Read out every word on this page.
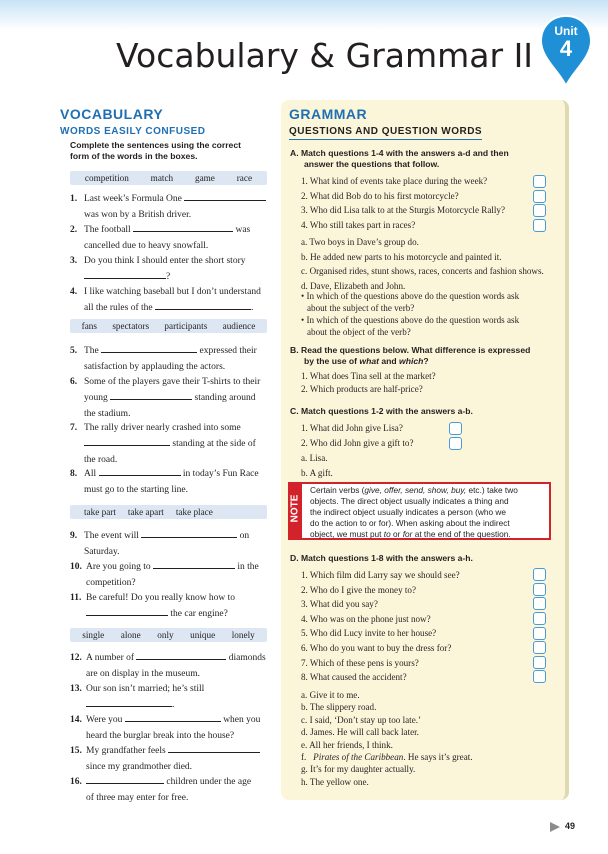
Vocabulary & Grammar II
Unit
4
VOCABULARY
WORDS EASILY CONFUSED
Complete the sentences using the correct
form of the words in the boxes.
competition match game race
1. Last week’s Formula One
was won by a British driver.
2. The football	was
cancelled due to heavy snowfall.
3. Do you think I should enter the short story
?
4. I like watching baseball but I don’t understand
all the rules of the	.
fans spectators participants audience
5. The	expressed their
satisfaction by applauding the actors.
6. Some of the players gave their T-shirts to their
young	standing around
the stadium.
7. The rally driver nearly crashed into some
standing at the side of
the road.
8. All	in today’s Fun Race
must go to the starting line.
take part take apart take place
9. The event will	on
Saturday.
10. Are you going to	in the
competition?
11. Be careful! Do you really know how to
the car engine?
single alone only unique lonely
12. A number of	diamonds
are on display in the museum.
13. Our son isn’t married; he’s still
.
14. Were you	when you
heard the burglar break into the house?
15. My grandfather feels
since my grandmother died.
16.	children under the age
of three may enter for free.
GRAMMAR
QUESTIONS AND QUESTION WORDS
A. Match questions 1-4 with the answers a-d and then
answer the questions that follow.
1. What kind of events take place during the week?
2. What did Bob do to his first motorcycle?
3. Who did Lisa talk to at the Sturgis Motorcycle Rally?
4. Who still takes part in races?
a. Two boys in Dave’s group do.
b. He added new parts to his motorcycle and painted it.
c. Organised rides, stunt shows, races, concerts and fashion shows.
d. Dave, Elizabeth and John.
• In which of the questions above do the question words ask
about the subject of the verb?
• In which of the questions above do the question words ask
about the object of the verb?
B. Read the questions below. What difference is expressed
by the use of what and which?
1. What does Tina sell at the market?
2. Which products are half-price?
C. Match questions 1-2 with the answers a-b.
1. What did John give Lisa?
2. Who did John give a gift to?
a. Lisa.
b. A gift.
NOTE
Certain verbs (give, offer, send, show, buy, etc.) take two
objects. The direct object usually indicates a thing and
the indirect object usually indicates a person (who we
do the action to or for). When asking about the indirect
object, we must put to or for at the end of the question.
D. Match questions 1-8 with the answers a-h.
1. Which film did Larry say we should see?
2. Who do I give the money to?
3. What did you say?
4. Who was on the phone just now?
5. Who did Lucy invite to her house?
6. Who do you want to buy the dress for?
7. Which of these pens is yours?
8. What caused the accident?
a. Give it to me.
b. The slippery road.
c. I said, ‘Don’t stay up too late.’
d. James. He will call back later.
e. All her friends, I think.
f. Pirates of the Caribbean. He says it’s great.
g. It’s for my daughter actually.
h. The yellow one.
49
